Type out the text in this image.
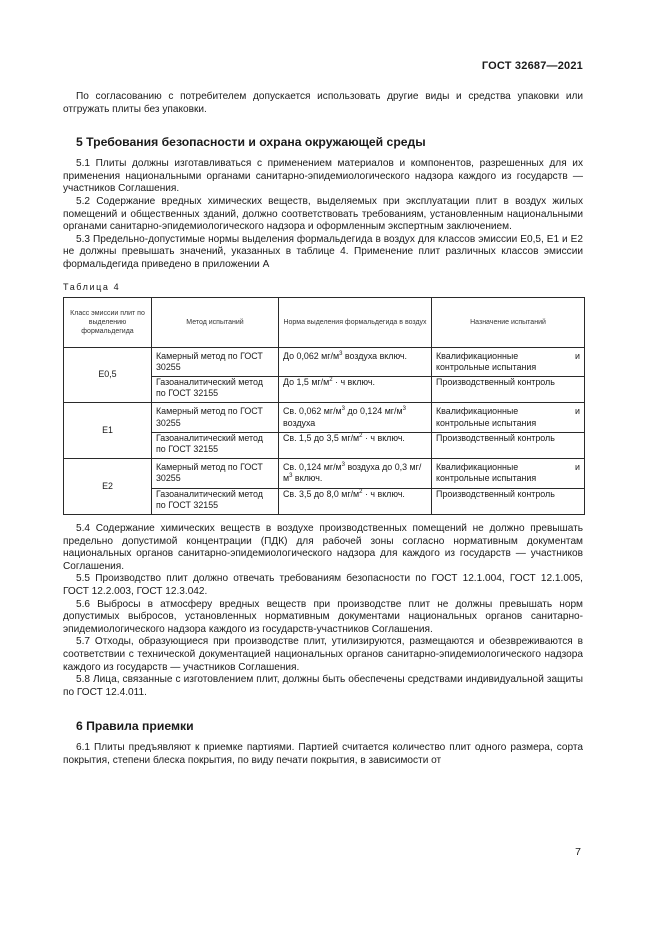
ГОСТ 32687—2021

По согласованию с потребителем допускается использовать другие виды и средства упаковки или отгружать плиты без упаковки.

5 Требования безопасности и охрана окружающей среды

5.1 Плиты должны изготавливаться с применением материалов и компонентов, разрешенных для их применения национальными органами санитарно-эпидемиологического надзора каждого из государств — участников Соглашения.

5.2 Содержание вредных химических веществ, выделяемых при эксплуатации плит в воздух жилых помещений и общественных зданий, должно соответствовать требованиям, установленным национальными органами санитарно-эпидемиологического надзора и оформленным экспертным заключением.

5.3 Предельно-допустимые нормы выделения формальдегида в воздух для классов эмиссии Е0,5, Е1 и Е2 не должны превышать значений, указанных в таблице 4. Применение плит различных классов эмиссии формальдегида приведено в приложении А

Таблица 4
Класс эмиссии плит по выделению формальдегида	Метод испытаний	Норма выделения формальдегида в воздух	Назначение испытаний
Е0,5	Камерный метод по ГОСТ 30255	До 0,062 $мг/м^3$ воздуха включ.	Квалификационные и контрольные испытания
	Газоаналитический метод по ГОСТ 32155	До 1,5 $мг/м^2 \cdot ч$ включ.	Производственный контроль
Е1	Камерный метод по ГОСТ 30255	Св. 0,062 $мг/м^3$ до 0,124 $мг/м^3$ воздуха	Квалификационные и контрольные испытания
	Газоаналитический метод по ГОСТ 32155	Св. 1,5 до 3,5 $мг/м^2 \cdot ч$ включ.	Производственный контроль
Е2	Камерный метод по ГОСТ 30255	Св. 0,124 $мг/м^3$ воздуха до 0,3 $мг/м^3$ включ.	Квалификационные и контрольные испытания
	Газоаналитический метод по ГОСТ 32155	Св. 3,5 до 8,0 $мг/м^2 \cdot ч$ включ.	Производственный контроль

5.4 Содержание химических веществ в воздухе производственных помещений не должно превышать предельно допустимой концентрации (ПДК) для рабочей зоны согласно нормативным документам национальных органов санитарно-эпидемиологического надзора для каждого из государств — участников Соглашения.

5.5 Производство плит должно отвечать требованиям безопасности по ГОСТ 12.1.004, ГОСТ 12.1.005, ГОСТ 12.2.003, ГОСТ 12.3.042.

5.6 Выбросы в атмосферу вредных веществ при производстве плит не должны превышать норм допустимых выбросов, установленных нормативным документами национальных органов санитарно-эпидемиологического надзора каждого из государств-участников Соглашения.

5.7 Отходы, образующиеся при производстве плит, утилизируются, размещаются и обезвреживаются в соответствии с технической документацией национальных органов санитарно-эпидемиологического надзора каждого из государств — участников Соглашения.

5.8 Лица, связанные с изготовлением плит, должны быть обеспечены средствами индивидуальной защиты по ГОСТ 12.4.011.

6 Правила приемки

6.1 Плиты предъявляют к приемке партиями. Партией считается количество плит одного размера, сорта покрытия, степени блеска покрытия, по виду печати покрытия, в зависимости от

7
